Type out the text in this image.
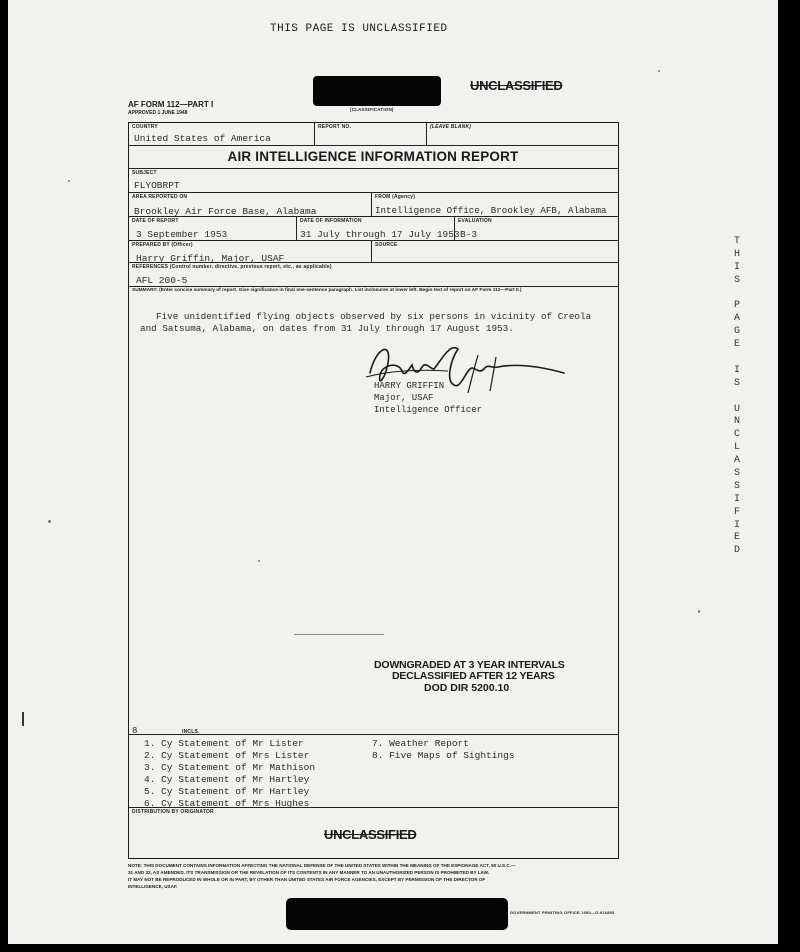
THIS PAGE IS UNCLASSIFIED
UNCLASSIFIED
(CLASSIFICATION)
AF FORM 112—PART I
APPROVED 1 JUNE 1948
COUNTRY
United States of America
REPORT NO.	(LEAVE BLANK)
AIR INTELLIGENCE INFORMATION REPORT
SUBJECT
FLYOBRPT
AREA REPORTED ON
Brookley Air Force Base, Alabama
FROM (Agency)
Intelligence Office, Brookley AFB, Alabama
DATE OF REPORT
3 September 1953
DATE OF INFORMATION
31 July through 17 July 1953
EVALUATION
B-3
PREPARED BY (Officer)
Harry Griffin, Major, USAF
SOURCE
REFERENCES (Control number, directive, previous report, etc., as applicable)
AFL 200-5
SUMMARY: (Enter concise summary of report. Give significance in final one-sentence paragraph. List inclosures at lower left. Begin text of report on AF Form 112—Part II.)
Five unidentified flying objects observed by six persons in vicinity of Creola
and Satsuma, Alabama, on dates from 31 July through 17 August 1953.
HARRY GRIFFIN
Major, USAF
Intelligence Officer
DOWNGRADED AT 3 YEAR INTERVALS
DECLASSIFIED AFTER 12 YEARS
DOD DIR 5200.10
8	INCLS.
1. Cy Statement of Mr Lister
2. Cy Statement of Mrs Lister
3. Cy Statement of Mr Mathison
4. Cy Statement of Mr Hartley
5. Cy Statement of Mr Hartley
6. Cy Statement of Mrs Hughes
7. Weather Report
8. Five Maps of Sightings
DISTRIBUTION BY ORIGINATOR
UNCLASSIFIED
NOTE: THIS DOCUMENT CONTAINS INFORMATION AFFECTING THE NATIONAL DEFENSE OF THE UNITED STATES WITHIN THE MEANING OF THE ESPIONAGE ACT, 50 U.S.C.—
31 AND 32, AS AMENDED. ITS TRANSMISSION OR THE REVELATION OF ITS CONTENTS IN ANY MANNER TO AN UNAUTHORIZED PERSON IS PROHIBITED BY LAW.
IT MAY NOT BE REPRODUCED IN WHOLE OR IN PART, BY OTHER THAN UNITED STATES AIR FORCE AGENCIES, EXCEPT BY PERMISSION OF THE DIRECTOR OF
INTELLIGENCE, USAF.
GOVERNMENT PRINTING OFFICE 1950—O-916853
T
H
I
S
P
A
G
E
I
S
U
N
C
L
A
S
S
I
F
I
E
D
